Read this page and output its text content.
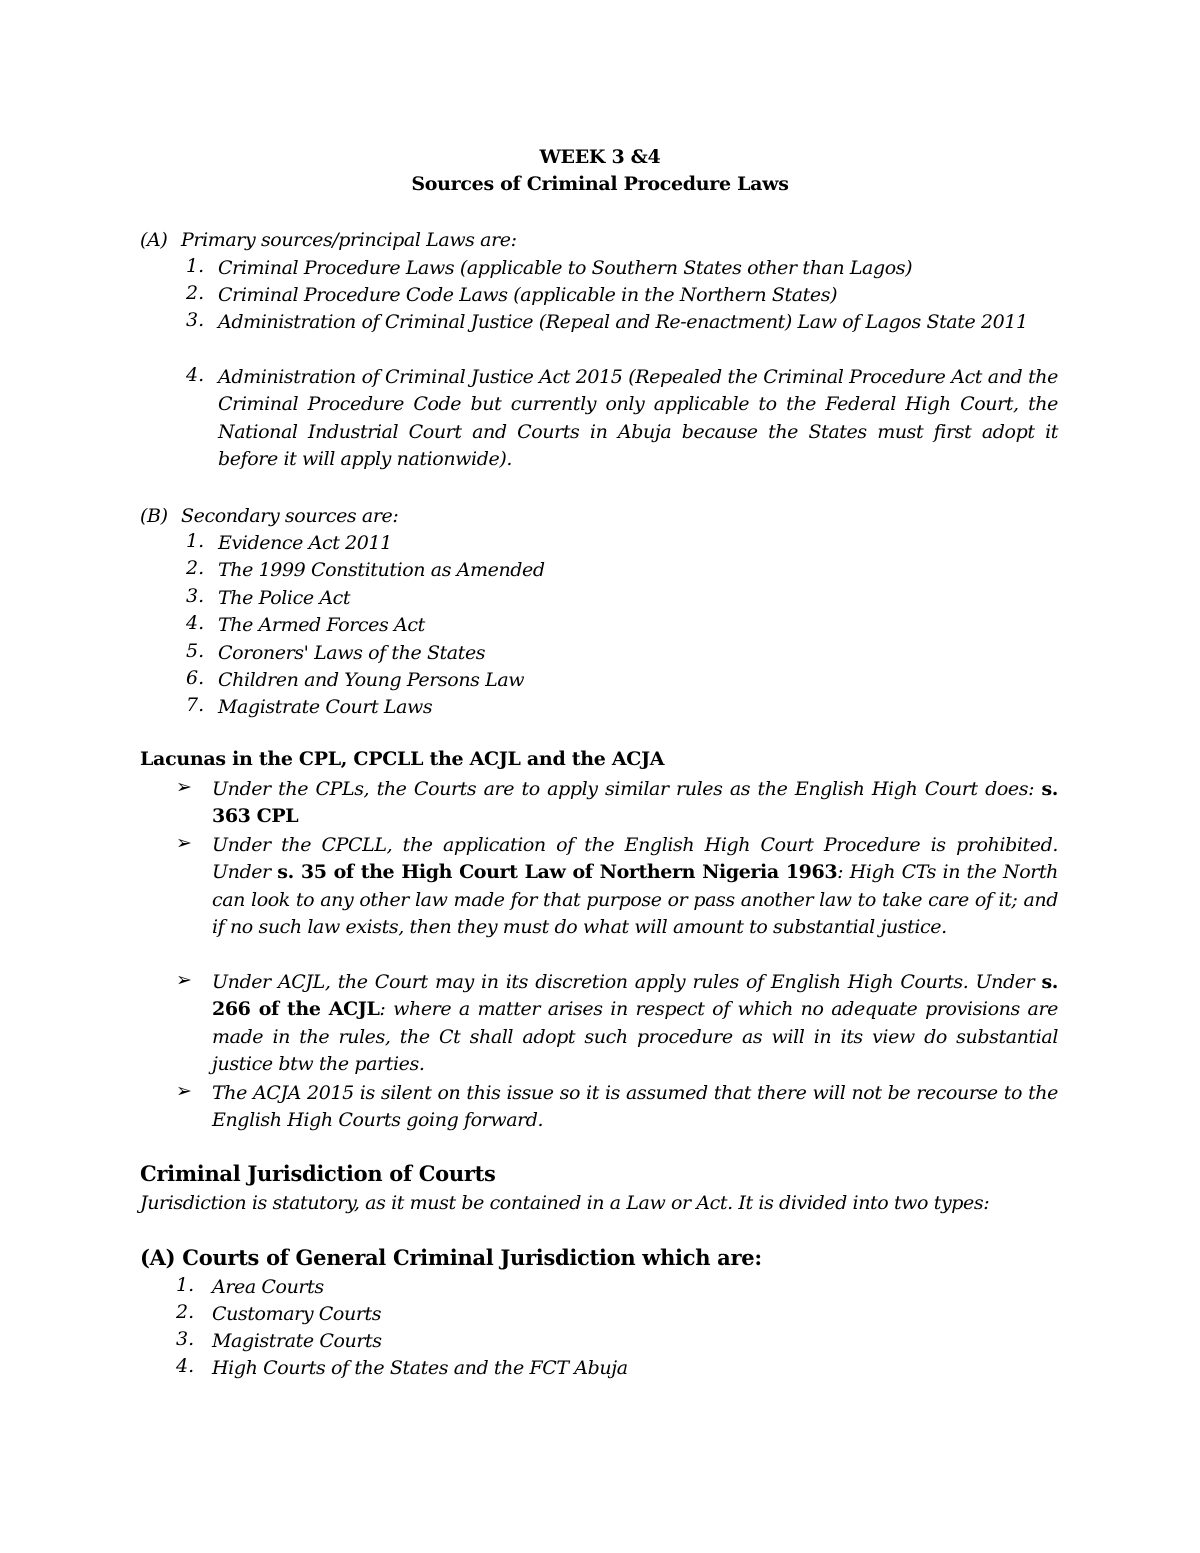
WEEK 3 &4
Sources of Criminal Procedure Laws
(A) Primary sources/principal Laws are:
1. Criminal Procedure Laws (applicable to Southern States other than Lagos)
2. Criminal Procedure Code Laws (applicable in the Northern States)
3. Administration of Criminal Justice (Repeal and Re-enactment) Law of Lagos State 2011
4. Administration of Criminal Justice Act 2015 (Repealed the Criminal Procedure Act and the Criminal Procedure Code but currently only applicable to the Federal High Court, the National Industrial Court and Courts in Abuja because the States must first adopt it before it will apply nationwide).
(B) Secondary sources are:
1. Evidence Act 2011
2. The 1999 Constitution as Amended
3. The Police Act
4. The Armed Forces Act
5. Coroners' Laws of the States
6. Children and Young Persons Law
7. Magistrate Court Laws
Lacunas in the CPL, CPCLL the ACJL and the ACJA
➢ Under the CPLs, the Courts are to apply similar rules as the English High Court does: s. 363 CPL
➢ Under the CPCLL, the application of the English High Court Procedure is prohibited. Under s. 35 of the High Court Law of Northern Nigeria 1963: High CTs in the North can look to any other law made for that purpose or pass another law to take care of it; and if no such law exists, then they must do what will amount to substantial justice.
➢ Under ACJL, the Court may in its discretion apply rules of English High Courts. Under s. 266 of the ACJL: where a matter arises in respect of which no adequate provisions are made in the rules, the Ct shall adopt such procedure as will in its view do substantial justice btw the parties.
➢ The ACJA 2015 is silent on this issue so it is assumed that there will not be recourse to the English High Courts going forward.
Criminal Jurisdiction of Courts
Jurisdiction is statutory, as it must be contained in a Law or Act. It is divided into two types:
(A) Courts of General Criminal Jurisdiction which are:
1. Area Courts
2. Customary Courts
3. Magistrate Courts
4. High Courts of the States and the FCT Abuja
